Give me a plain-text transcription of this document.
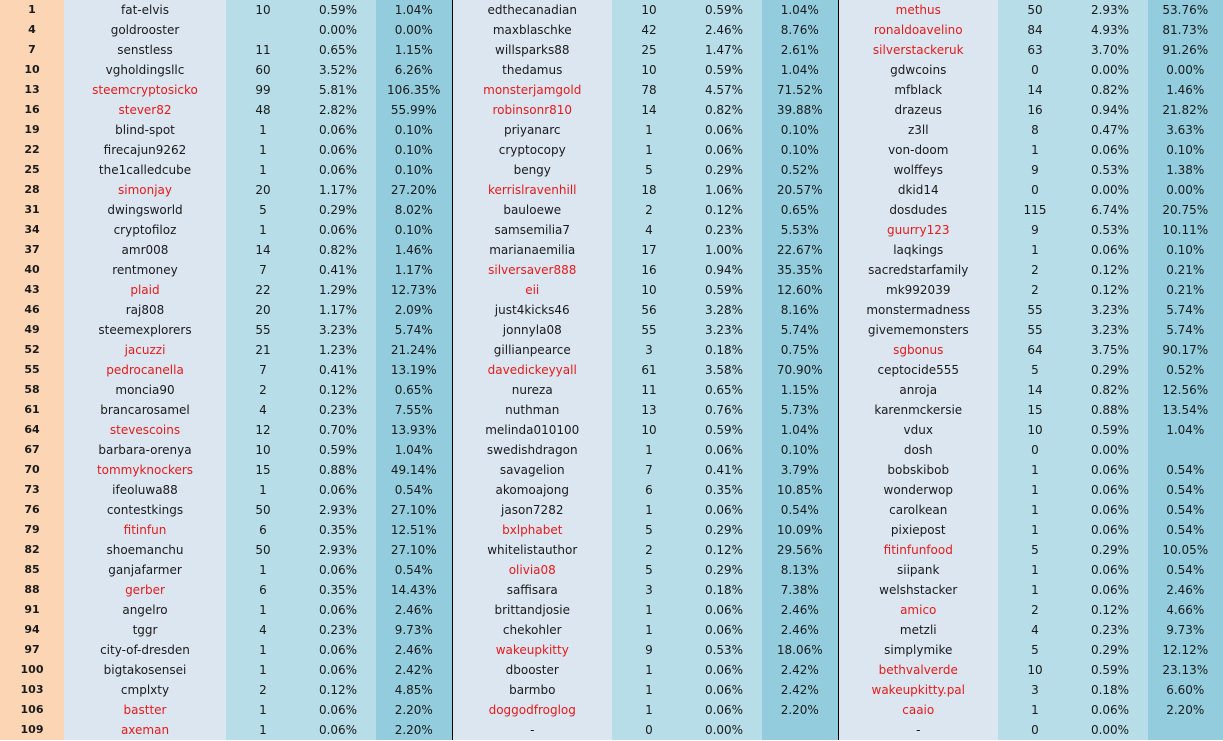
1	fat-elvis	10	0.59%	1.04%	edthecanadian	10	0.59%	1.04%	methus	50	2.93%	53.76%
4	goldrooster		0.00%	0.00%	maxblaschke	42	2.46%	8.76%	ronaldoavelino	84	4.93%	81.73%
7	senstless	11	0.65%	1.15%	willsparks88	25	1.47%	2.61%	silverstackeruk	63	3.70%	91.26%
10	vgholdingsllc	60	3.52%	6.26%	thedamus	10	0.59%	1.04%	gdwcoins	0	0.00%	0.00%
13	steemcryptosicko	99	5.81%	106.35%	monsterjamgold	78	4.57%	71.52%	mfblack	14	0.82%	1.46%
16	stever82	48	2.82%	55.99%	robinsonr810	14	0.82%	39.88%	drazeus	16	0.94%	21.82%
19	blind-spot	1	0.06%	0.10%	priyanarc	1	0.06%	0.10%	z3ll	8	0.47%	3.63%
22	firecajun9262	1	0.06%	0.10%	cryptocopy	1	0.06%	0.10%	von-doom	1	0.06%	0.10%
25	the1calledcube	1	0.06%	0.10%	bengy	5	0.29%	0.52%	wolffeys	9	0.53%	1.38%
28	simonjay	20	1.17%	27.20%	kerrislravenhill	18	1.06%	20.57%	dkid14	0	0.00%	0.00%
31	dwingsworld	5	0.29%	8.02%	bauloewe	2	0.12%	0.65%	dosdudes	115	6.74%	20.75%
34	cryptofiloz	1	0.06%	0.10%	samsemilia7	4	0.23%	5.53%	guurry123	9	0.53%	10.11%
37	amr008	14	0.82%	1.46%	marianaemilia	17	1.00%	22.67%	laqkings	1	0.06%	0.10%
40	rentmoney	7	0.41%	1.17%	silversaver888	16	0.94%	35.35%	sacredstarfamily	2	0.12%	0.21%
43	plaid	22	1.29%	12.73%	eii	10	0.59%	12.60%	mk992039	2	0.12%	0.21%
46	raj808	20	1.17%	2.09%	just4kicks46	56	3.28%	8.16%	monstermadness	55	3.23%	5.74%
49	steemexplorers	55	3.23%	5.74%	jonnyla08	55	3.23%	5.74%	givememonsters	55	3.23%	5.74%
52	jacuzzi	21	1.23%	21.24%	gillianpearce	3	0.18%	0.75%	sgbonus	64	3.75%	90.17%
55	pedrocanella	7	0.41%	13.19%	davedickeyyall	61	3.58%	70.90%	ceptocide555	5	0.29%	0.52%
58	moncia90	2	0.12%	0.65%	nureza	11	0.65%	1.15%	anroja	14	0.82%	12.56%
61	brancarosamel	4	0.23%	7.55%	nuthman	13	0.76%	5.73%	karenmckersie	15	0.88%	13.54%
64	stevescoins	12	0.70%	13.93%	melinda010100	10	0.59%	1.04%	vdux	10	0.59%	1.04%
67	barbara-orenya	10	0.59%	1.04%	swedishdragon	1	0.06%	0.10%	dosh	0	0.00%	
70	tommyknockers	15	0.88%	49.14%	savagelion	7	0.41%	3.79%	bobskibob	1	0.06%	0.54%
73	ifeoluwa88	1	0.06%	0.54%	akomoajong	6	0.35%	10.85%	wonderwop	1	0.06%	0.54%
76	contestkings	50	2.93%	27.10%	jason7282	1	0.06%	0.54%	carolkean	1	0.06%	0.54%
79	fitinfun	6	0.35%	12.51%	bxlphabet	5	0.29%	10.09%	pixiepost	1	0.06%	0.54%
82	shoemanchu	50	2.93%	27.10%	whitelistauthor	2	0.12%	29.56%	fitinfunfood	5	0.29%	10.05%
85	ganjafarmer	1	0.06%	0.54%	olivia08	5	0.29%	8.13%	siipank	1	0.06%	0.54%
88	gerber	6	0.35%	14.43%	saffisara	3	0.18%	7.38%	welshstacker	1	0.06%	2.46%
91	angelro	1	0.06%	2.46%	brittandjosie	1	0.06%	2.46%	amico	2	0.12%	4.66%
94	tggr	4	0.23%	9.73%	chekohler	1	0.06%	2.46%	metzli	4	0.23%	9.73%
97	city-of-dresden	1	0.06%	2.46%	wakeupkitty	9	0.53%	18.06%	simplymike	5	0.29%	12.12%
100	bigtakosensei	1	0.06%	2.42%	dbooster	1	0.06%	2.42%	bethvalverde	10	0.59%	23.13%
103	cmplxty	2	0.12%	4.85%	barmbo	1	0.06%	2.42%	wakeupkitty.pal	3	0.18%	6.60%
106	bastter	1	0.06%	2.20%	doggodfroglog	1	0.06%	2.20%	caaio	1	0.06%	2.20%
109	axeman	1	0.06%	2.20%	-	0	0.00%		-	0	0.00%	
